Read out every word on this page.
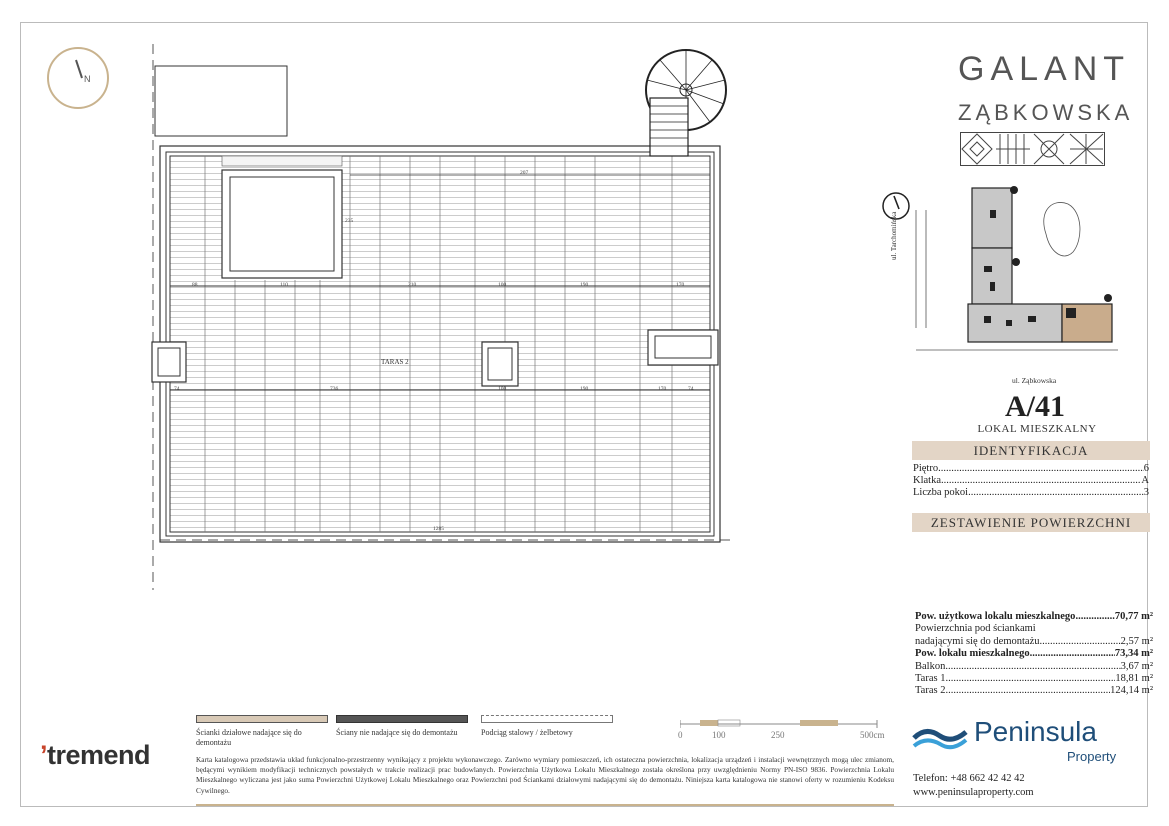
N
TARAS 2
88	110	210
207
100	190	170
190
74	736	100	170	74
235
1285
GALANT
ZĄBKOWSKA
ul. Tarchomińska
ul. Ząbkowska
A/41
LOKAL MIESZKALNY
IDENTYFIKACJA
Piętro .....	6
Klatka .....	A
Liczba pokoi .....	3
ZESTAWIENIE POWIERZCHNI
Pow. użytkowa lokalu mieszkalnego .....	70,77 m²
Powierzchnia pod ściankami
nadającymi się do demontażu .....	2,57 m²
Pow. lokalu mieszkalnego .....	73,34 m²
Balkon .....	3,67 m²
Taras 1 .....	18,81 m²
Taras 2 .....	124,14 m²
Ścianki działowe nadające się do demontażu
Ściany nie nadające się do demontażu	Podciąg stalowy / żelbetowy	0	100	250	500cm
Karta katalogowa przedstawia układ funkcjonalno-przestrzenny wynikający z projektu wykonawczego. Zarówno wymiary pomieszczeń, ich ostateczna powierzchnia, lokalizacja urządzeń i instalacji wewnętrznych mogą ulec zmianom, będącymi wynikiem modyfikacji technicznych powstałych w trakcie realizacji prac budowlanych. Powierzchnia Użytkowa Lokalu Mieszkalnego została określona przy uwzględnieniu Normy PN-ISO 9836. Powierzchnia Lokalu Mieszkalnego wyliczana jest jako suma Powierzchni Użytkowej Lokalu Mieszkalnego oraz Powierzchni pod Ściankami działowymi nadającymi się do demontażu. Niniejsza karta katalogowa nie stanowi oferty w rozumieniu Kodeksu Cywilnego.
’tremend
Peninsula
Property
Telefon: +48 662 42 42 42
www.peninsulaproperty.com
